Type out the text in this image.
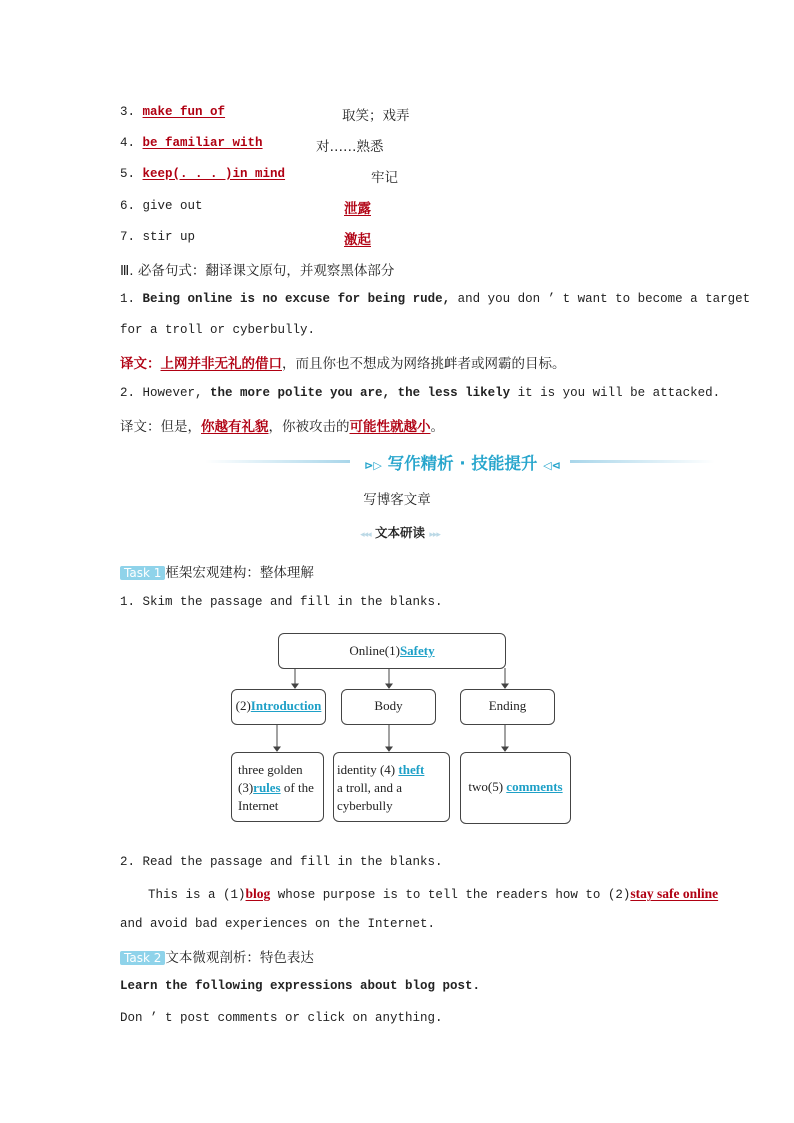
3. make fun of	取笑；戏弄
4. be familiar with	对……熟悉
5. keep(. . . )in mind	牢记
6. give out	泄露
7. stir up	激起
Ⅲ. 必备句式：翻译课文原句，并观察黑体部分
1. Being online is no excuse for being rude, and you don ’ t want to become a target
for a troll or cyberbully.
译文：上网并非无礼的借口，而且你也不想成为网络挑衅者或网霸的目标。
2. However, the more polite you are, the less likely it is you will be attacked.
译文：但是，你越有礼貌，你被攻击的可能性就越小。
⊳▷ 写作精析 · 技能提升 ◁⊲
写博客文章
◂◂◂ 文本研读 ▸▸▸
Task 1 框架宏观建构：整体理解
1. Skim the passage and fill in the blanks.
Online(1)Safety
(2)Introduction	Body	Ending
three golden
(3)rules of the
Internet
identity (4) theft
a troll, and a
cyberbully
two(5) comments
2. Read the passage and fill in the blanks.
This is a (1)blog whose purpose is to tell the readers how to (2)stay safe online
and avoid bad experiences on the Internet.
Task 2 文本微观剖析：特色表达
Learn the following expressions about blog post.
Don ’ t post comments or click on anything.
